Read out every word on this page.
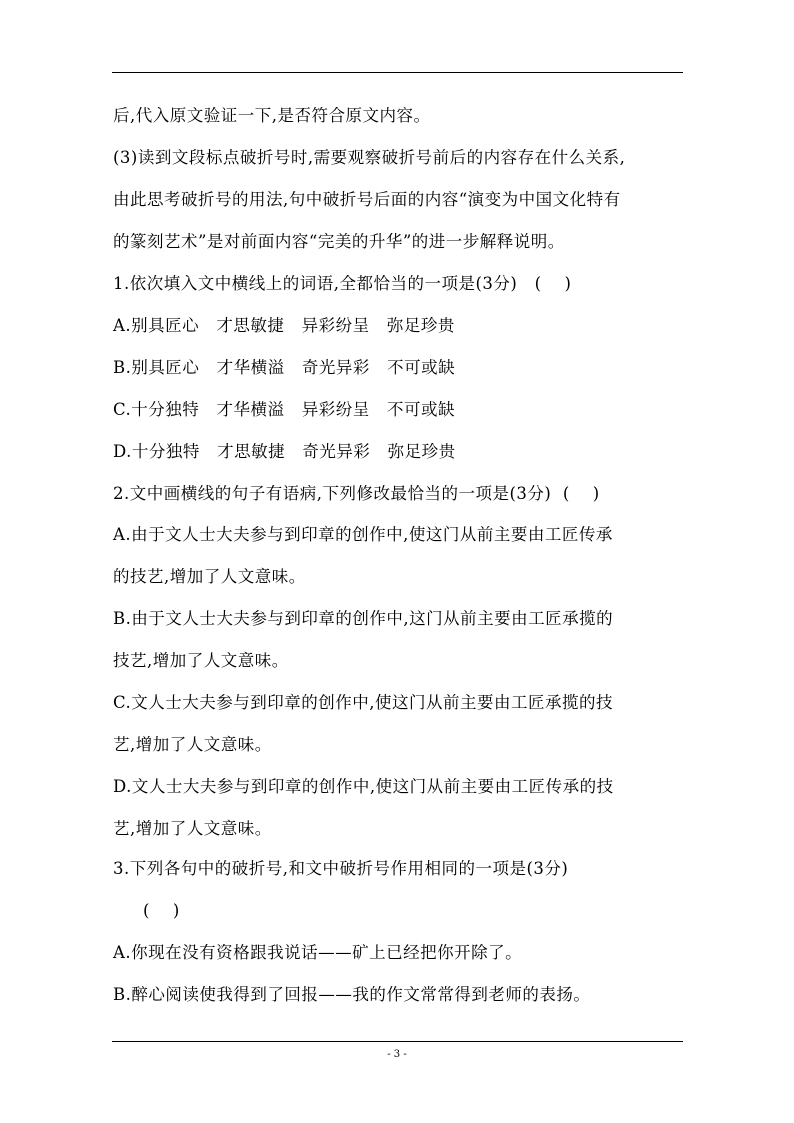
后,代入原文验证一下,是否符合原文内容。
(3)读到文段标点破折号时,需要观察破折号前后的内容存在什么关系,
由此思考破折号的用法,句中破折号后面的内容“演变为中国文化特有
的篆刻艺术”是对前面内容“完美的升华”的进一步解释说明。
1.依次填入文中横线上的词语,全都恰当的一项是(3分)   (    )
A.别具匠心   才思敏捷   异彩纷呈   弥足珍贵
B.别具匠心   才华横溢   奇光异彩   不可或缺
C.十分独特   才华横溢   异彩纷呈   不可或缺
D.十分独特   才思敏捷   奇光异彩   弥足珍贵
2.文中画横线的句子有语病,下列修改最恰当的一项是(3分)  (    )
A.由于文人士大夫参与到印章的创作中,使这门从前主要由工匠传承
的技艺,增加了人文意味。
B.由于文人士大夫参与到印章的创作中,这门从前主要由工匠承揽的
技艺,增加了人文意味。
C.文人士大夫参与到印章的创作中,使这门从前主要由工匠承揽的技
艺,增加了人文意味。
D.文人士大夫参与到印章的创作中,使这门从前主要由工匠传承的技
艺,增加了人文意味。
3.下列各句中的破折号,和文中破折号作用相同的一项是(3分)
(    )
A.你现在没有资格跟我说话——矿上已经把你开除了。
B.醉心阅读使我得到了回报——我的作文常常得到老师的表扬。
- 3 -
